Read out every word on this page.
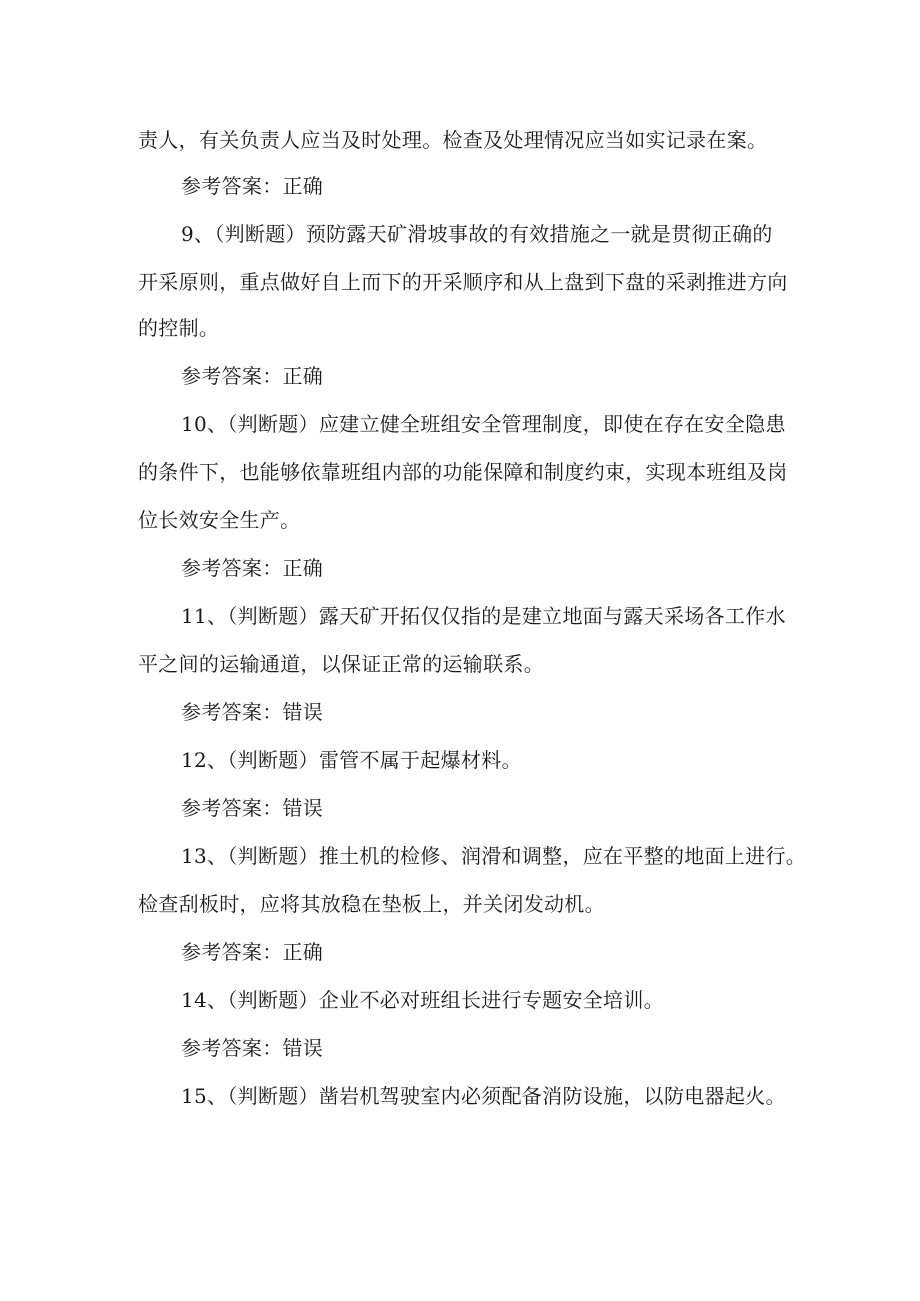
责人，有关负责人应当及时处理。检查及处理情况应当如实记录在案。
参考答案：正确
9、（判断题）预防露天矿滑坡事故的有效措施之一就是贯彻正确的
开采原则，重点做好自上而下的开采顺序和从上盘到下盘的采剥推进方向
的控制。
参考答案：正确
10、（判断题）应建立健全班组安全管理制度，即使在存在安全隐患
的条件下，也能够依靠班组内部的功能保障和制度约束，实现本班组及岗
位长效安全生产。
参考答案：正确
11、（判断题）露天矿开拓仅仅指的是建立地面与露天采场各工作水
平之间的运输通道，以保证正常的运输联系。
参考答案：错误
12、（判断题）雷管不属于起爆材料。
参考答案：错误
13、（判断题）推土机的检修、润滑和调整，应在平整的地面上进行。
检查刮板时，应将其放稳在垫板上，并关闭发动机。
参考答案：正确
14、（判断题）企业不必对班组长进行专题安全培训。
参考答案：错误
15、（判断题）凿岩机驾驶室内必须配备消防设施，以防电器起火。
